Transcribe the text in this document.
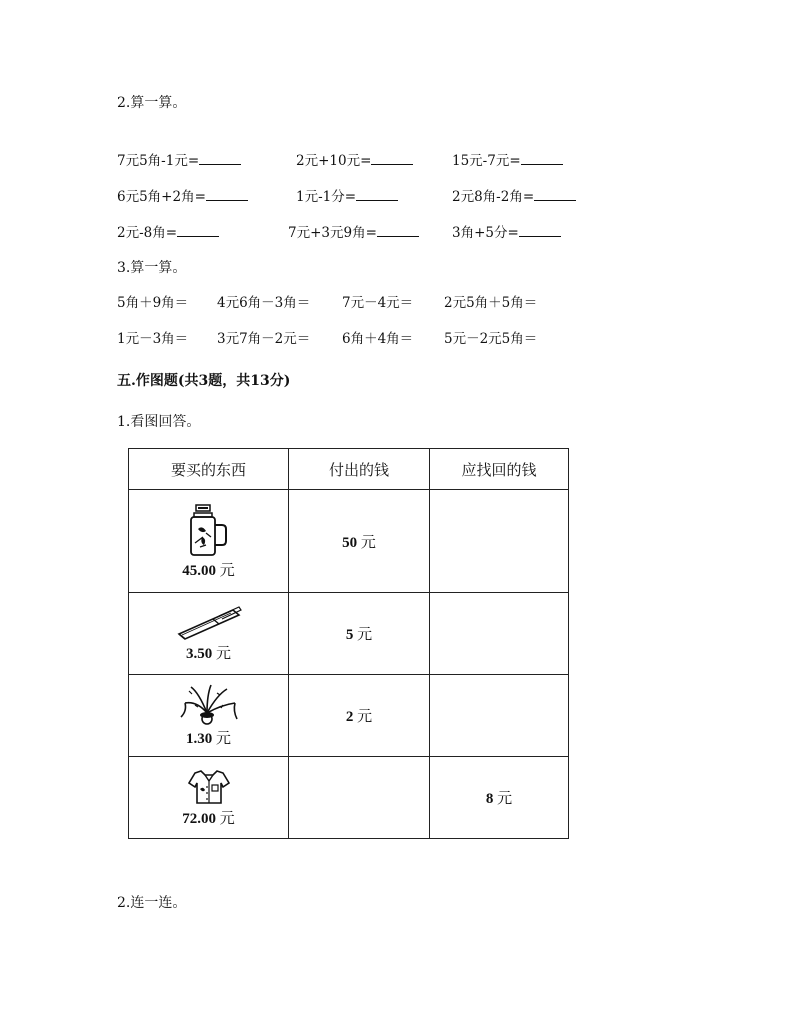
2.算一算。
7元5角-1元=	2元+10元=	15元-7元=
6元5角+2角=	1元-1分=	2元8角-2角=
2元-8角=	7元+3元9角=	3角+5分=
3.算一算。
5角＋9角＝ 4元6角－3角＝ 7元－4元＝ 2元5角＋5角＝
1元－3角＝ 3元7角－2元＝ 6角＋4角＝ 5元－2元5角＝
五.作图题(共3题，共13分)
1.看图回答。
要买的东西	付出的钱	应找回的钱

45.00 元	50 元	

3.50 元	5 元	

1.30 元	2 元	

72.00 元		8 元
2.连一连。
